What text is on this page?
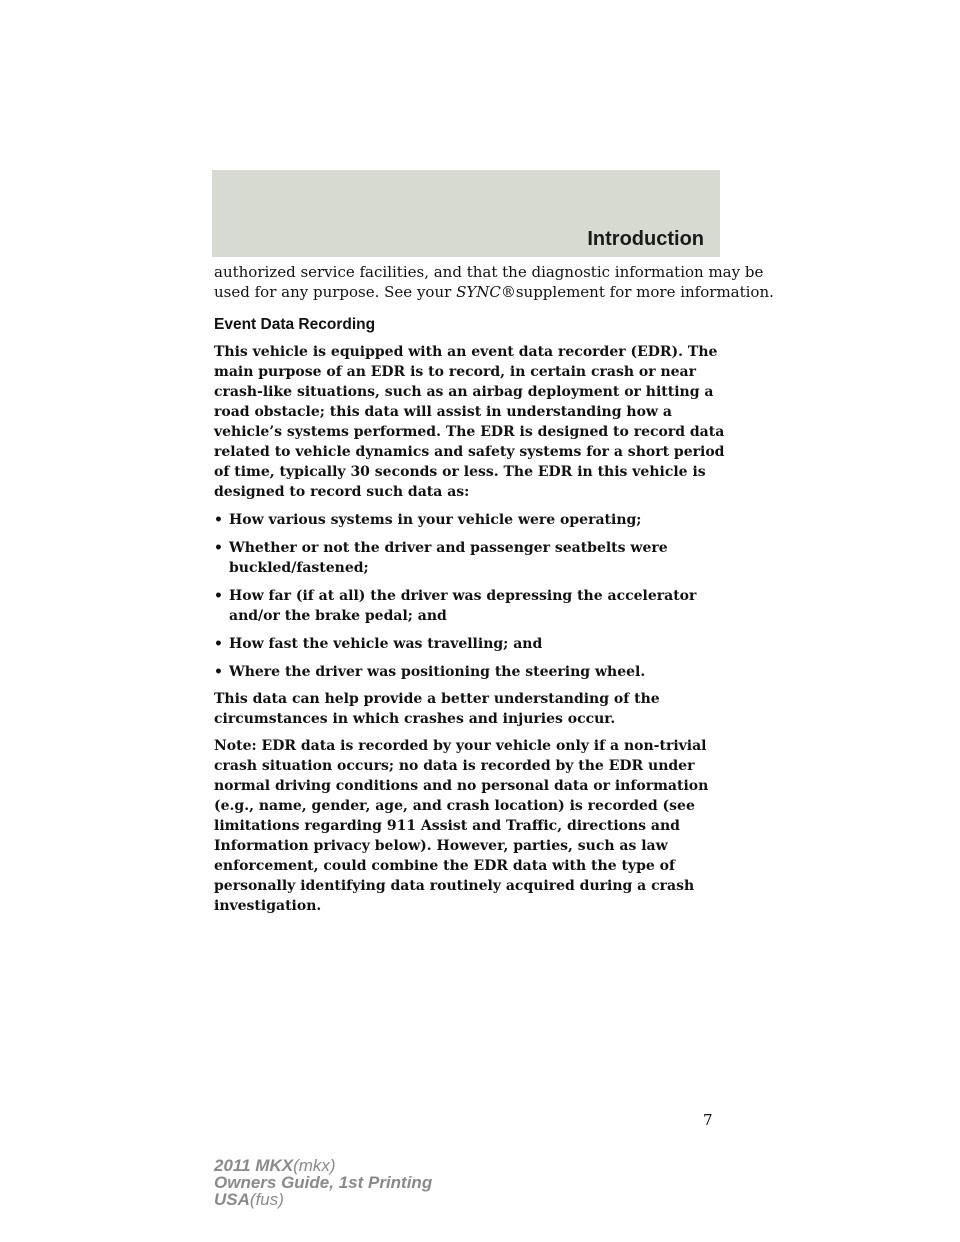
Introduction
authorized service facilities, and that the diagnostic information may be
used for any purpose. See your SYNC®supplement for more information.
Event Data Recording
This vehicle is equipped with an event data recorder (EDR). The
main purpose of an EDR is to record, in certain crash or near
crash-like situations, such as an airbag deployment or hitting a
road obstacle; this data will assist in understanding how a
vehicle’s systems performed. The EDR is designed to record data
related to vehicle dynamics and safety systems for a short period
of time, typically 30 seconds or less. The EDR in this vehicle is
designed to record such data as:
• How various systems in your vehicle were operating;
• Whether or not the driver and passenger seatbelts were
buckled/fastened;
• How far (if at all) the driver was depressing the accelerator
and/or the brake pedal; and
• How fast the vehicle was travelling; and
• Where the driver was positioning the steering wheel.
This data can help provide a better understanding of the
circumstances in which crashes and injuries occur.
Note: EDR data is recorded by your vehicle only if a non-trivial
crash situation occurs; no data is recorded by the EDR under
normal driving conditions and no personal data or information
(e.g., name, gender, age, and crash location) is recorded (see
limitations regarding 911 Assist and Traffic, directions and
Information privacy below). However, parties, such as law
enforcement, could combine the EDR data with the type of
personally identifying data routinely acquired during a crash
investigation.
7
2011 MKX(mkx)
Owners Guide, 1st Printing
USA(fus)
